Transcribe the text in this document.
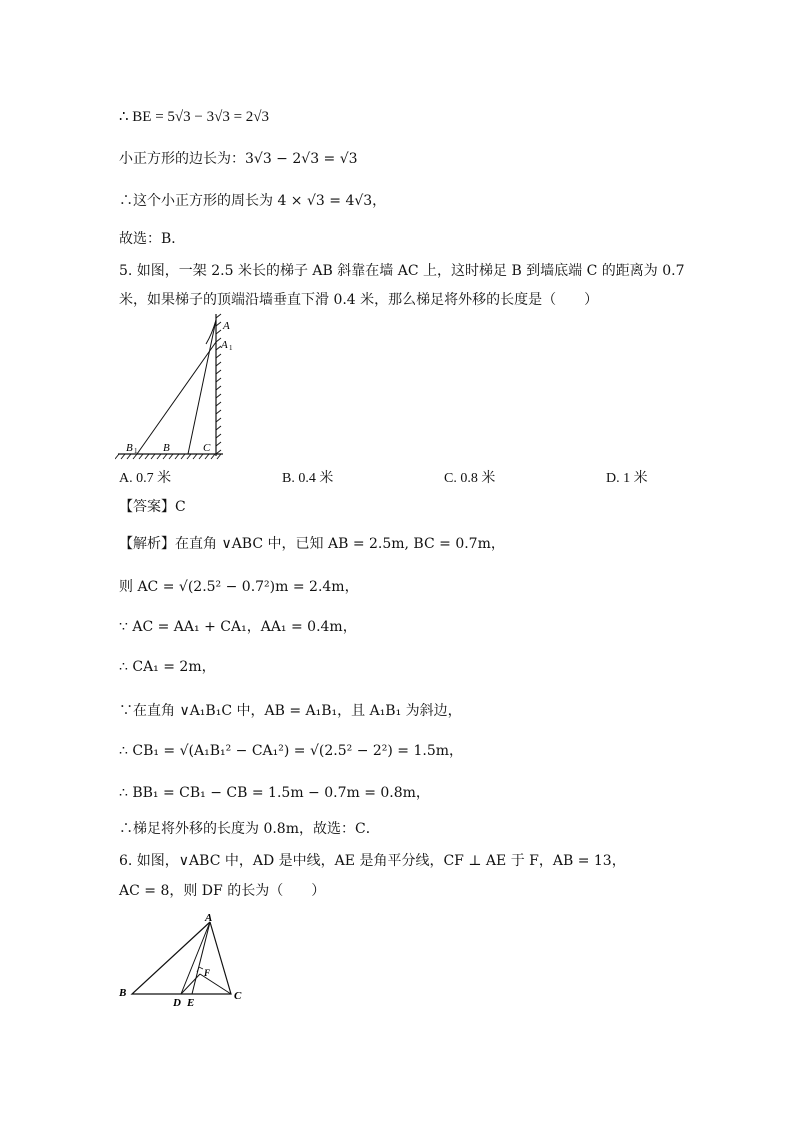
∴ BE = 5√3 − 3√3 = 2√3
小正方形的边长为：3√3 − 2√3 = √3
∴这个小正方形的周长为 4 × √3 = 4√3，
故选：B．
5. 如图，一架 2.5 米长的梯子 AB 斜靠在墙 AC 上，这时梯足 B 到墙底端 C 的距离为 0.7
米，如果梯子的顶端沿墙垂直下滑 0.4 米，那么梯足将外移的长度是（　　）
A
A 1
B 1 B	C
A. 0.7 米	B. 0.4 米	C. 0.8 米	D. 1 米
【答案】C
【解析】在直角 ∨ABC 中，已知 AB = 2.5m, BC = 0.7m，
则 AC = √(2.5² − 0.7²)m = 2.4m，
∵ AC = AA₁ + CA₁，AA₁ = 0.4m，
∴ CA₁ = 2m，
∵在直角 ∨A₁B₁C 中，AB = A₁B₁，且 A₁B₁ 为斜边，
∴ CB₁ = √(A₁B₁² − CA₁²) = √(2.5² − 2²) = 1.5m，
∴ BB₁ = CB₁ − CB = 1.5m − 0.7m = 0.8m，
∴梯足将外移的长度为 0.8m，故选：C．
6. 如图，∨ABC 中，AD 是中线，AE 是角平分线，CF ⊥ AE 于 F，AB = 13，
AC = 8，则 DF 的长为（　　）
A
B	C
D E
F
